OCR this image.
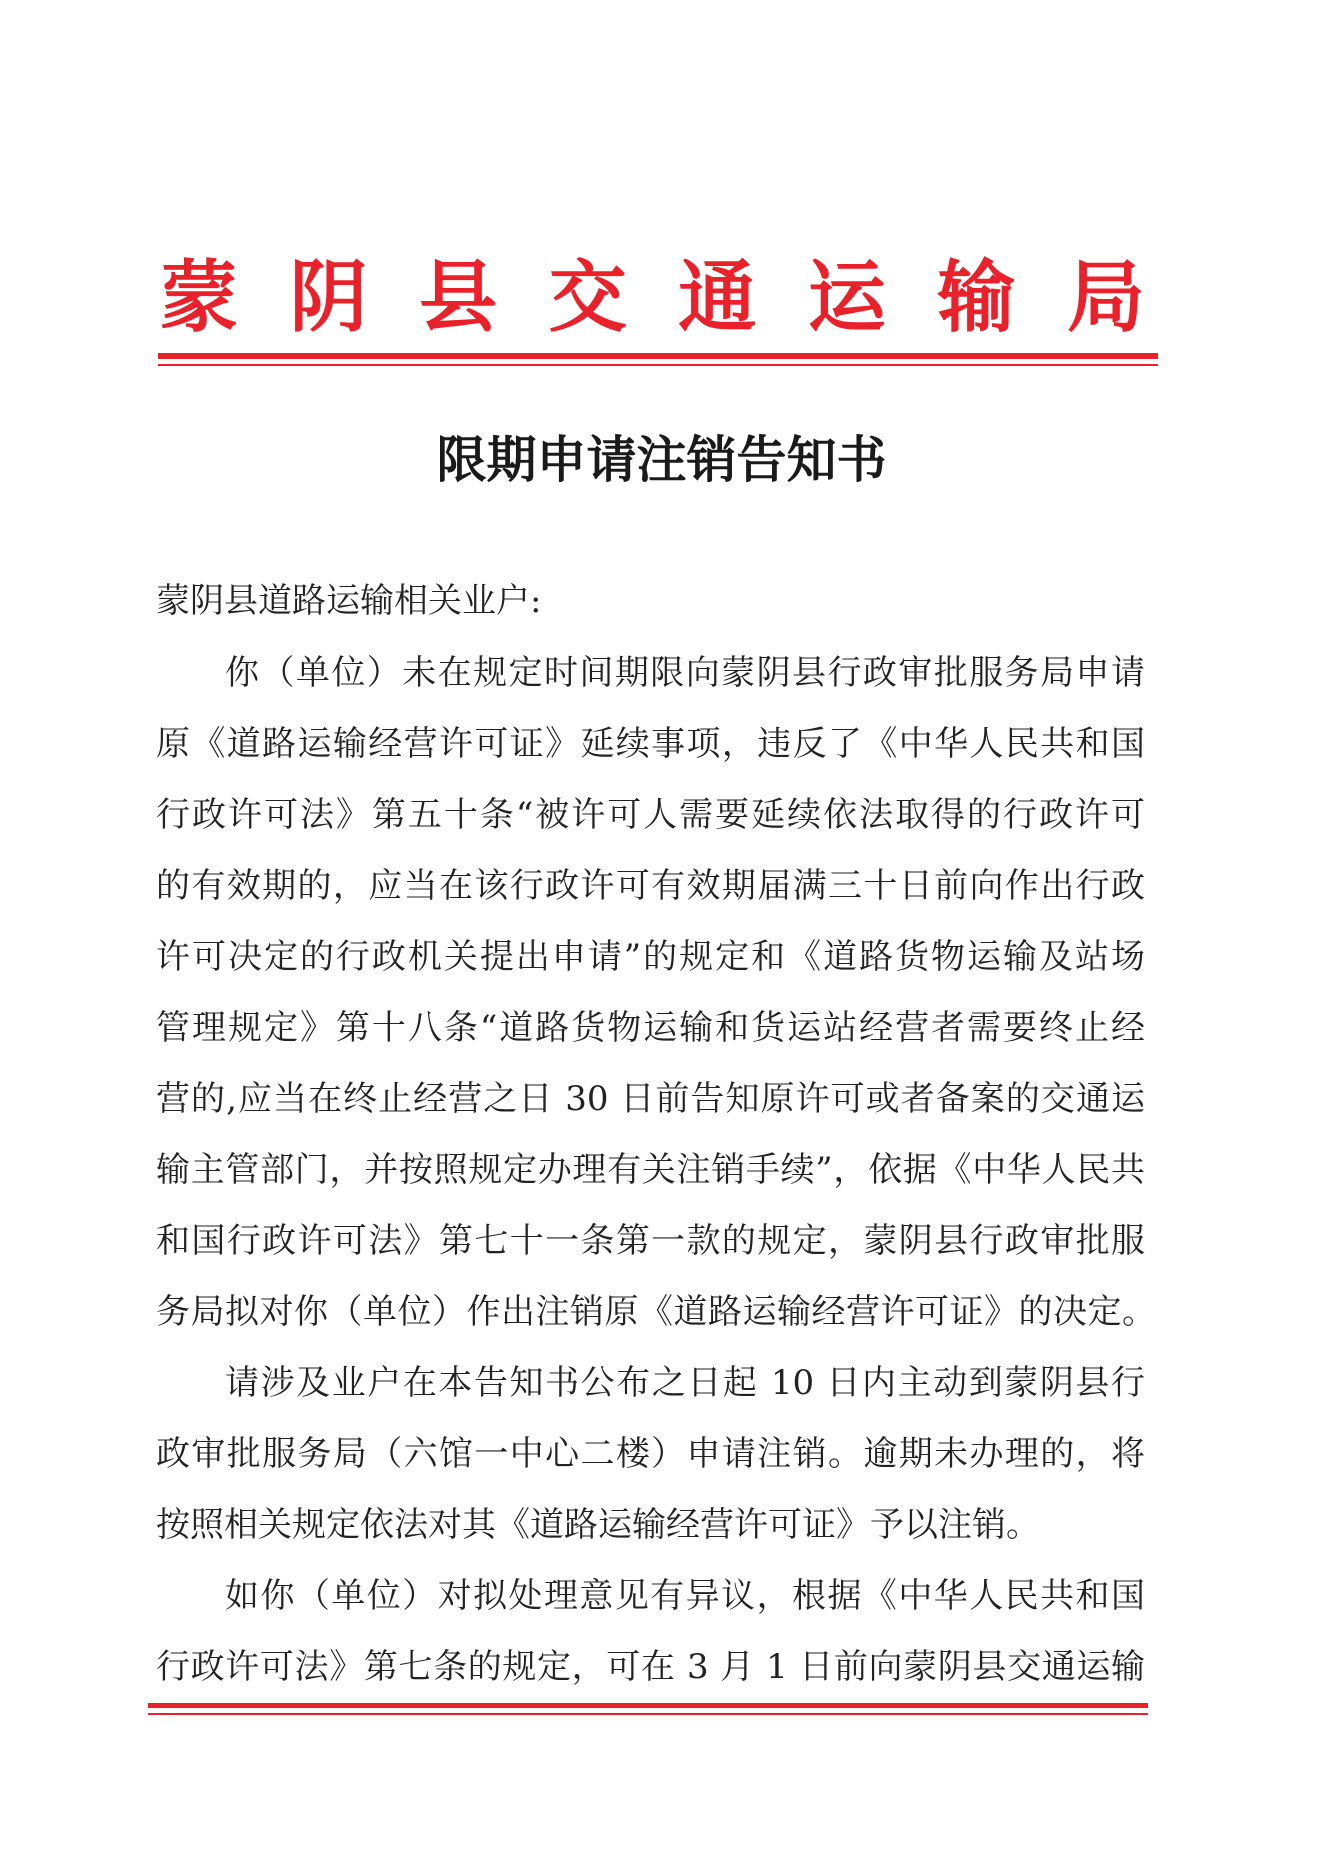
蒙 阴 县 交 通 运 输 局
限期申请注销告知书
蒙阴县道路运输相关业户:
你（单位）未在规定时间期限向蒙阴县行政审批服务局申请
原《道路运输经营许可证》延续事项，违反了《中华人民共和国
行政许可法》第五十条“被许可人需要延续依法取得的行政许可
的有效期的，应当在该行政许可有效期届满三十日前向作出行政
许可决定的行政机关提出申请”的规定和《道路货物运输及站场
管理规定》第十八条“道路货物运输和货运站经营者需要终止经
营的,应当在终止经营之日 30 日前告知原许可或者备案的交通运
输主管部门，并按照规定办理有关注销手续”，依据《中华人民共
和国行政许可法》第七十一条第一款的规定，蒙阴县行政审批服
务局拟对你（单位）作出注销原《道路运输经营许可证》的决定。
请涉及业户在本告知书公布之日起 10 日内主动到蒙阴县行
政审批服务局（六馆一中心二楼）申请注销。逾期未办理的，将
按照相关规定依法对其《道路运输经营许可证》予以注销。
如你（单位）对拟处理意见有异议，根据《中华人民共和国
行政许可法》第七条的规定，可在 3 月 1 日前向蒙阴县交通运输
